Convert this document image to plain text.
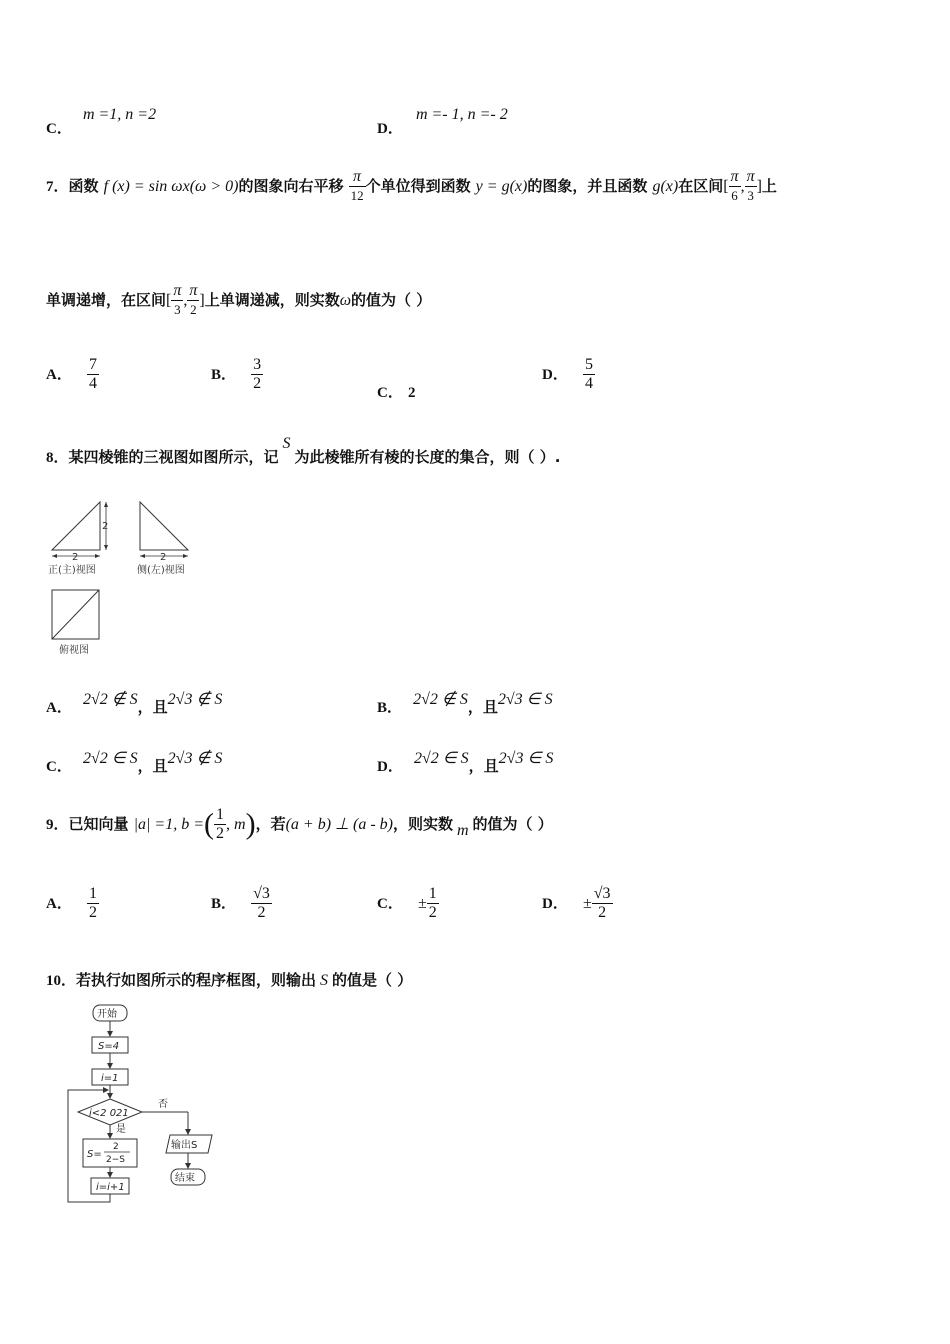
C． m =1, n =2
D． m =- 1, n =- 2
7．函数 f (x) = sin ωx(ω > 0)的图象向右平移 $\frac{\pi}{12}$ 个单位得到函数 y = g(x)的图象，并且函数 g(x)在区间[ $\frac{\pi}{6}$ , $\frac{\pi}{3}$ ]上
单调递增，在区间[ $\frac{\pi}{3}$ , $\frac{\pi}{2}$ ]上单调递减，则实数ω的值为（ ）
A． $\frac{7}{4}$	B． $\frac{3}{2}$	C． 2
D． $\frac{5}{4}$
8．某四棱锥的三视图如图所示，记S为此棱锥所有棱的长度的集合，则（ ）.
2
2
正(主)视图
2
侧(左)视图
俯视图
A． 2√2 ∉ S，且2√3 ∉ S	B． 2√2 ∉ S，且2√3 ∈ S
C． 2√2 ∈ S，且2√3 ∉ S	D． 2√2 ∈ S，且2√3 ∈ S
9．已知向量 |a| =1, b =( $\frac{1}{2}$ , m)，若(a + b) ⊥ (a - b)，则实数 m 的值为（ ）
A． $\frac{1}{2}$	B． $\frac{√3}{2}$	C． ± $\frac{1}{2}$	D． ± $\frac{√3}{2}$
10．若执行如图所示的程序框图，则输出 S 的值是（ ）
开始
S=4
i=1
i<2 021
否
输出S
结束
是
S=
2
2−S
i=i+1
